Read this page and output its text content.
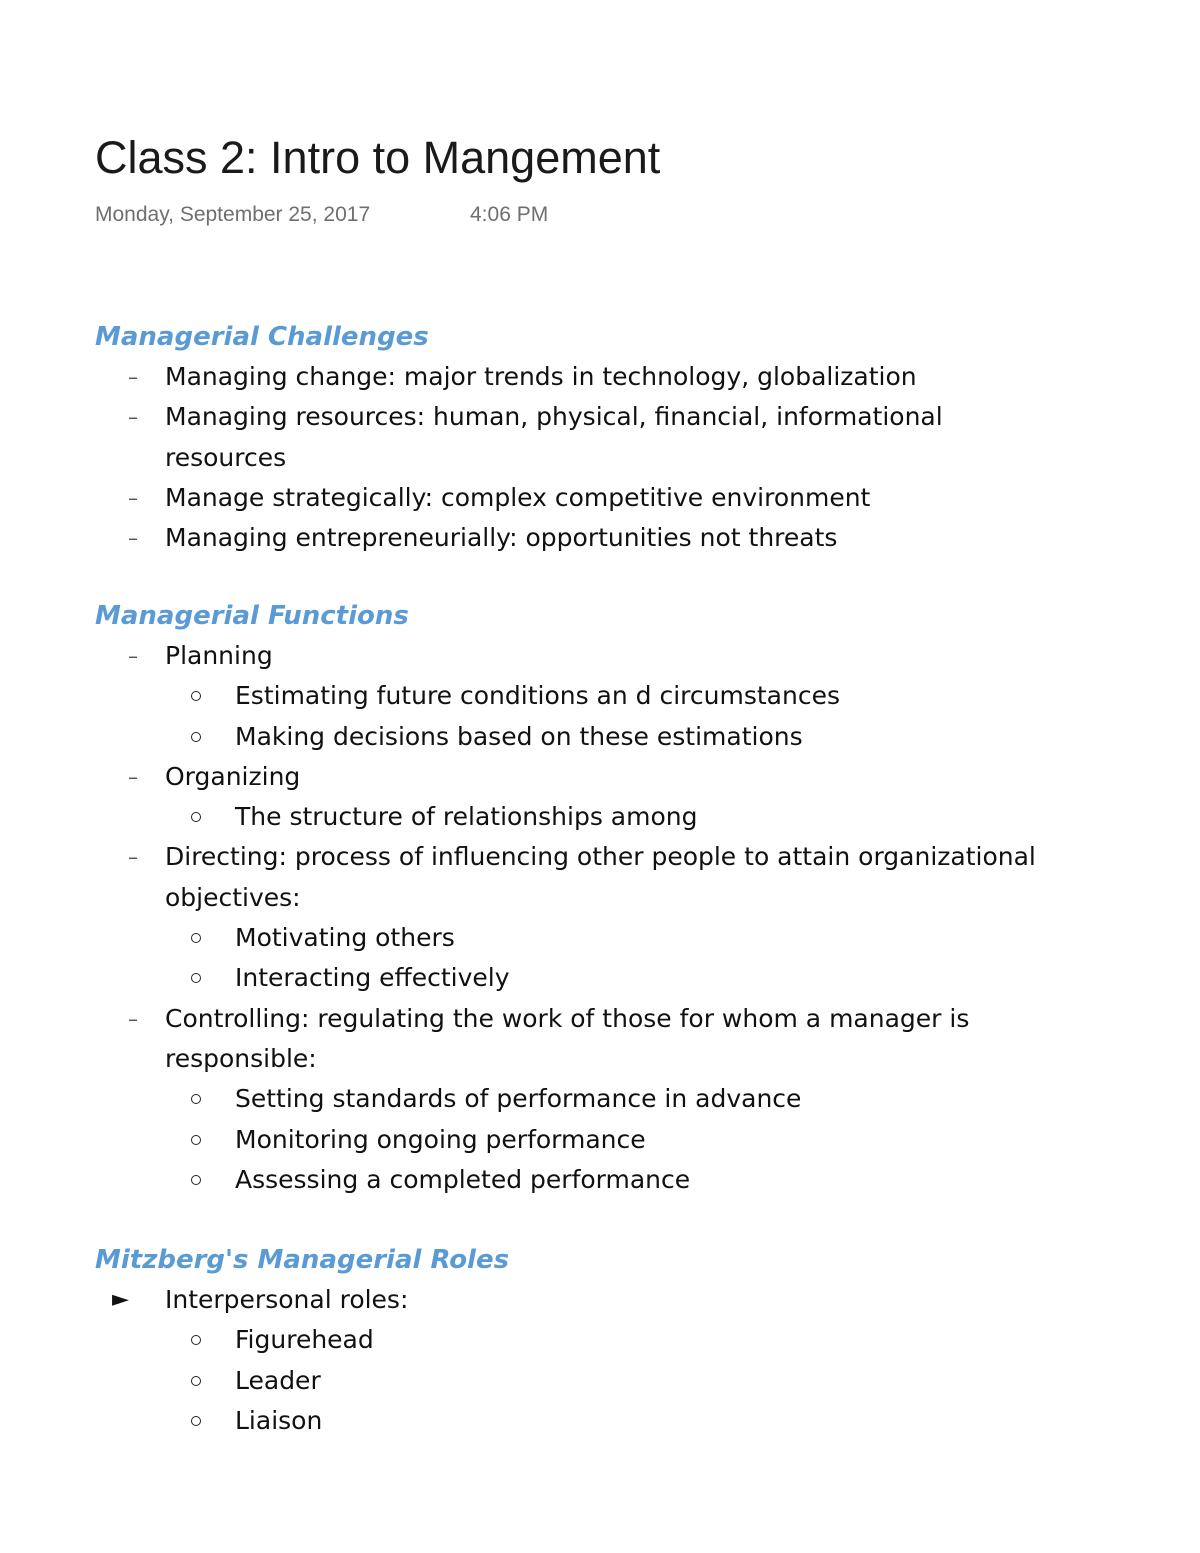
Class 2: Intro to Mangement
Monday, September 25, 2017	4:06 PM
Managerial Challenges
– Managing change: major trends in technology, globalization
– Managing resources: human, physical, financial, informational resources
– Manage strategically: complex competitive environment
– Managing entrepreneurially: opportunities not threats
Managerial Functions
– Planning
Estimating future conditions an d circumstances
Making decisions based on these estimations
– Organizing
The structure of relationships among
– Directing: process of influencing other people to attain organizational objectives:
Motivating others
Interacting effectively
– Controlling: regulating the work of those for whom a manager is responsible:
Setting standards of performance in advance
Monitoring ongoing performance
Assessing a completed performance
Mitzberg's Managerial Roles
► Interpersonal roles:
Figurehead
Leader
Liaison
